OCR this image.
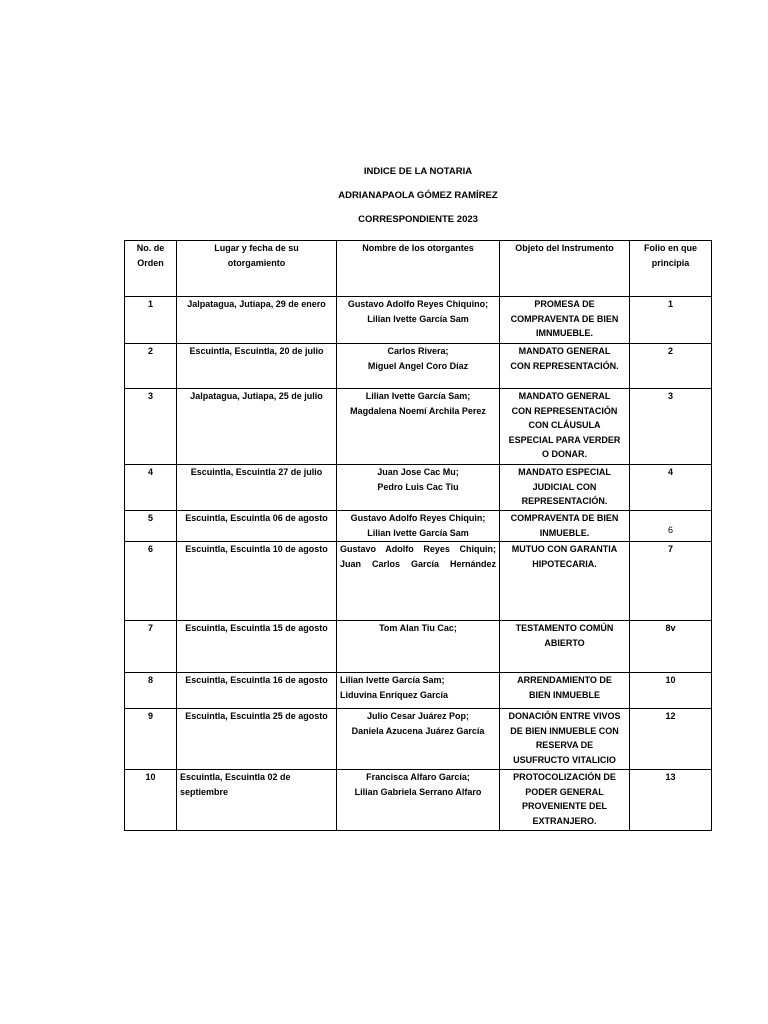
INDICE DE LA NOTARIA
ADRIANAPAOLA GÓMEZ RAMÍREZ
CORRESPONDIENTE 2023
No. de
Orden	Lugar y fecha de su
otorgamiento	Nombre de los otorgantes	Objeto del Instrumento	Folio en que
principia

1	Jalpatagua, Jutiapa, 29 de enero	Gustavo Adolfo Reyes Chiquino;
Lilian Ivette García Sam	PROMESA DE
COMPRAVENTA DE BIEN
IMNMUEBLE.	1
2	Escuintla, Escuintla, 20 de julio	Carlos Rivera;
Miguel Angel Coro Díaz	MANDATO GENERAL
CON REPRESENTACIÓN.	2
3	Jalpatagua, Jutiapa, 25 de julio	Lilian Ivette García Sam;
Magdalena Noemí Archila Perez	MANDATO GENERAL
CON REPRESENTACIÓN
CON CLÁUSULA
ESPECIAL PARA VERDER
O DONAR.	3
4	Escuintla, Escuintla 27 de julio	Juan Jose Cac Mu;
Pedro Luis Cac Tiu	MANDATO ESPECIAL
JUDICIAL CON
REPRESENTACIÓN.	4
5	Escuintla, Escuintla 06 de agosto	Gustavo Adolfo Reyes Chiquin;
Lilian Ivette García Sam	COMPRAVENTA DE BIEN
INMUEBLE.	6

6	Escuintla, Escuintla 10 de agosto	Gustavo Adolfo Reyes Chiquin;
Juan Carlos García Hernández	MUTUO CON GARANTIA
HIPOTECARIA.	7
7	Escuintla, Escuintla 15 de agosto	Tom Alan Tiu Cac;	TESTAMENTO COMÚN
ABIERTO	8v
8	Escuintla, Escuintla 16 de agosto	Lilian Ivette García Sam;
Liduvina Enríquez García	ARRENDAMIENTO DE
BIEN INMUEBLE	10
9	Escuintla, Escuintla 25 de agosto	Julio Cesar Juárez Pop;
Daniela Azucena Juárez García	DONACIÓN ENTRE VIVOS
DE BIEN INMUEBLE CON
RESERVA DE
USUFRUCTO VITALICIO	12
10	Escuintla, Escuintla 02 de
septiembre	Francisca Alfaro García;
Lilian Gabriela Serrano Alfaro	PROTOCOLIZACIÓN DE
PODER GENERAL
PROVENIENTE DEL
EXTRANJERO.	13
